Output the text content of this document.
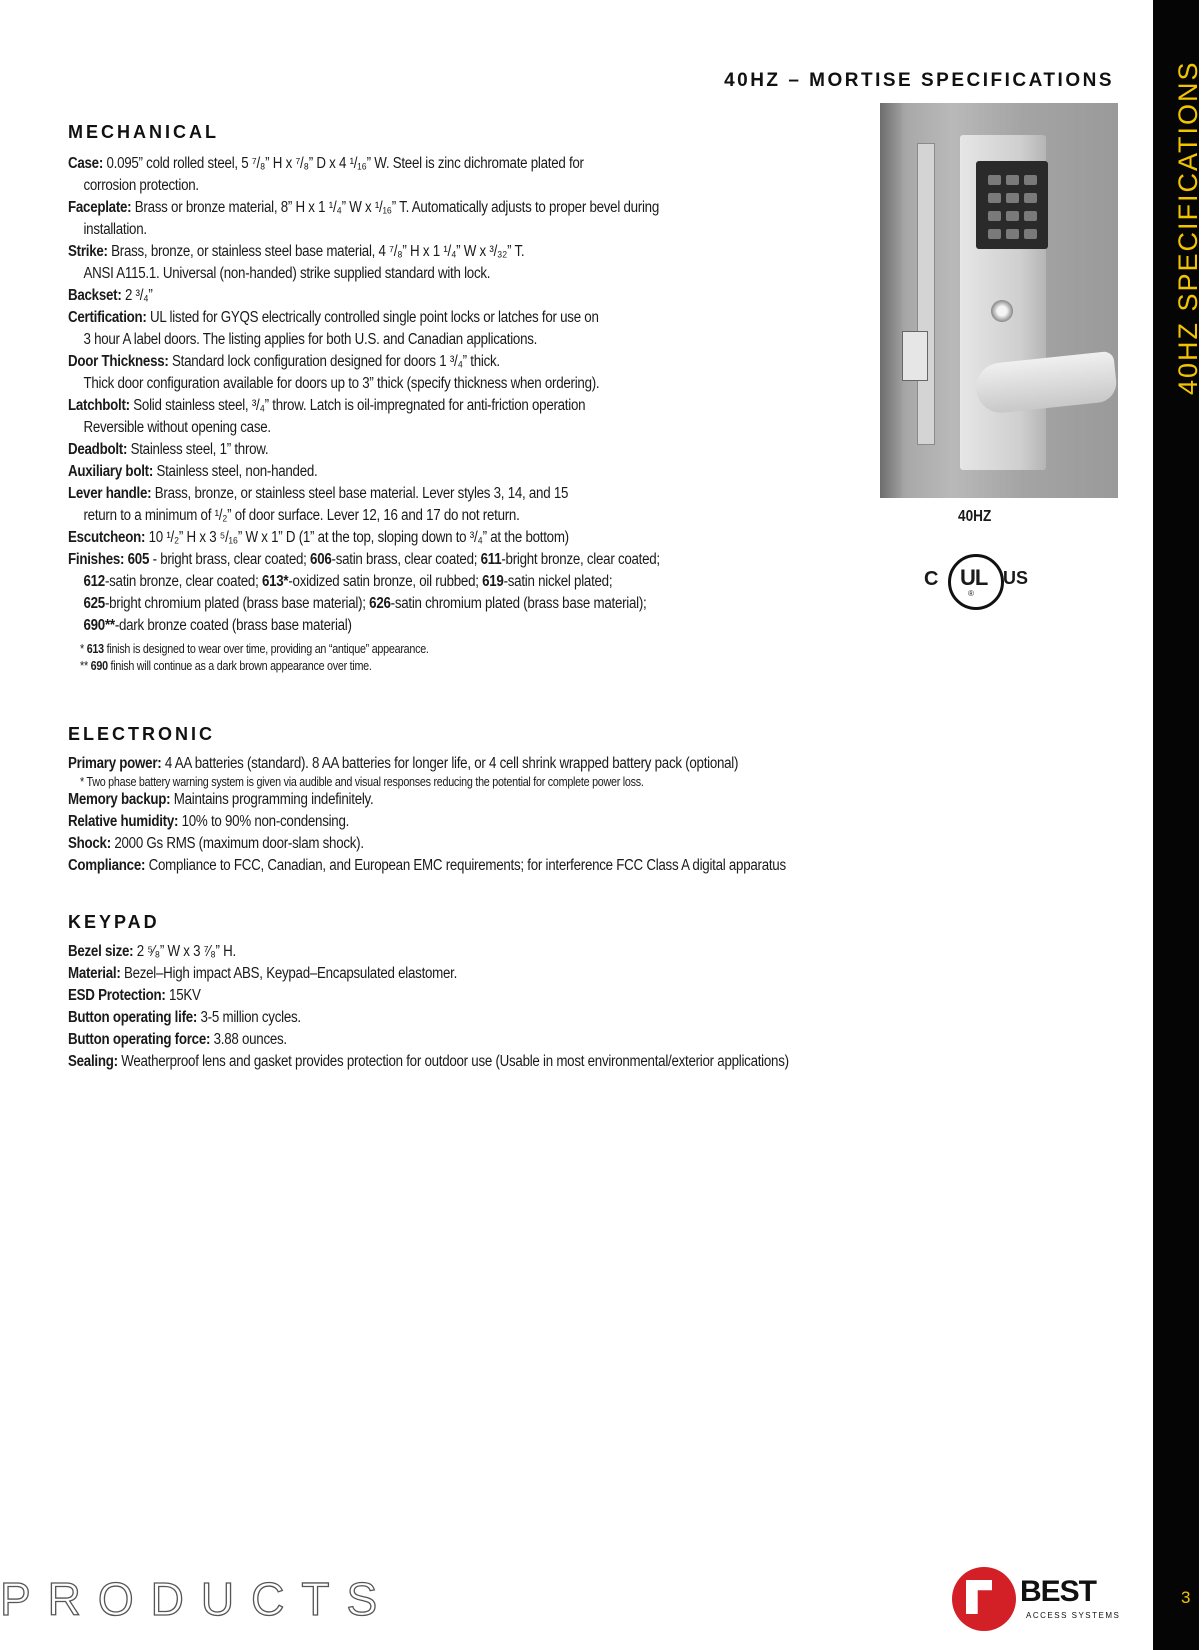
40HZ SPECIFICATIONS
3
40HZ – MORTISE SPECIFICATIONS
MECHANICAL

Case: 0.095” cold rolled steel, 5 ⁷/₈” H x ⁷/₈” D x 4 ¹/₁₆” W. Steel is zinc dichromate plated for

corrosion protection.

Faceplate: Brass or bronze material, 8” H x 1 ¹/₄” W x ¹/₁₆” T. Automatically adjusts to proper bevel during

installation.

Strike: Brass, bronze, or stainless steel base material, 4 ⁷/₈” H x 1 ¹/₄” W x ³/₃₂” T.

ANSI A115.1. Universal (non-handed) strike supplied standard with lock.

Backset: 2 ³/₄”

Certification: UL listed for GYQS electrically controlled single point locks or latches for use on

3 hour A label doors. The listing applies for both U.S. and Canadian applications.

Door Thickness: Standard lock configuration designed for doors 1 ³/₄” thick.

Thick door configuration available for doors up to 3” thick (specify thickness when ordering).

Latchbolt: Solid stainless steel, ³/₄” throw. Latch is oil-impregnated for anti-friction operation

Reversible without opening case.

Deadbolt: Stainless steel, 1” throw.

Auxiliary bolt: Stainless steel, non-handed.

Lever handle: Brass, bronze, or stainless steel base material. Lever styles 3, 14, and 15

return to a minimum of ¹/₂” of door surface. Lever 12, 16 and 17 do not return.

Escutcheon: 10 ¹/₂” H x 3 ⁵/₁₆” W x 1” D (1” at the top, sloping down to ³/₄” at the bottom)

Finishes: 605 - bright brass, clear coated; 606-satin brass, clear coated; 611-bright bronze, clear coated;

612-satin bronze, clear coated; 613*-oxidized satin bronze, oil rubbed; 619-satin nickel plated;

625-bright chromium plated (brass base material); 626-satin chromium plated (brass base material);

690**-dark bronze coated (brass base material)

* 613 finish is designed to wear over time, providing an “antique” appearance.

** 690 finish will continue as a dark brown appearance over time.

ELECTRONIC

Primary power: 4 AA batteries (standard). 8 AA batteries for longer life, or 4 cell shrink wrapped battery pack (optional)

* Two phase battery warning system is given via audible and visual responses reducing the potential for complete power loss.

Memory backup: Maintains programming indefinitely.

Relative humidity: 10% to 90% non-condensing.

Shock: 2000 Gs RMS (maximum door-slam shock).

Compliance: Compliance to FCC, Canadian, and European EMC requirements; for interference FCC Class A digital apparatus

KEYPAD

Bezel size: 2 ⁵⁄₈” W x 3 ⁷⁄₈” H.

Material: Bezel–High impact ABS, Keypad–Encapsulated elastomer.

ESD Protection: 15KV

Button operating life: 3-5 million cycles.

Button operating force: 3.88 ounces.

Sealing: Weatherproof lens and gasket provides protection for outdoor use (Usable in most environmental/exterior applications)

40HZ
C UL
®
US
PRODUCTS	BEST
ACCESS SYSTEMS
